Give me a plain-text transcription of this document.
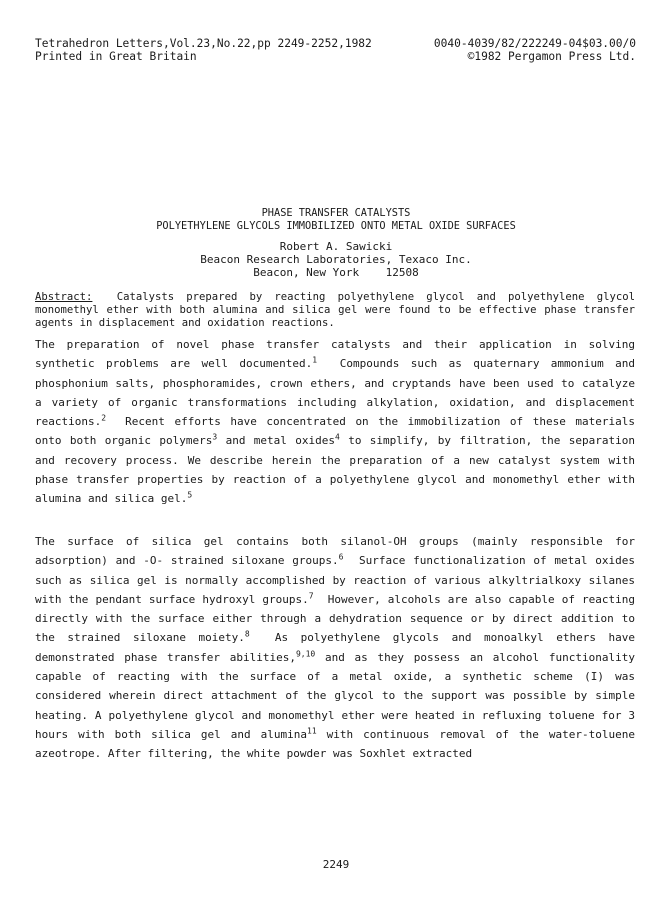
Tetrahedron Letters,Vol.23,No.22,pp 2249-2252,1982	0040-4039/82/222249-04$03.00/0
Printed in Great Britain	©1982 Pergamon Press Ltd.
PHASE TRANSFER CATALYSTS
POLYETHYLENE GLYCOLS IMMOBILIZED ONTO METAL OXIDE SURFACES
Robert A. Sawicki
Beacon Research Laboratories, Texaco Inc.
Beacon, New York    12508
Abstract: Catalysts prepared by reacting polyethylene glycol and polyethylene glycol monomethyl ether with both alumina and silica gel were found to be effective phase transfer agents in displacement and oxidation reactions.
The preparation of novel phase transfer catalysts and their application in solving synthetic problems are well documented.$^1$ Compounds such as quaternary ammonium and phosphonium salts, phosphoramides, crown ethers, and cryptands have been used to catalyze a variety of organic transformations including alkylation, oxidation, and displacement reactions.$^2$ Recent efforts have concentrated on the immobilization of these materials onto both organic polymers$^3$ and metal oxides$^4$ to simplify, by filtration, the separation and recovery process. We describe herein the preparation of a new catalyst system with phase transfer properties by reaction of a polyethylene glycol and monomethyl ether with alumina and silica gel.$^5$
The surface of silica gel contains both silanol-OH groups (mainly responsible for adsorption) and -O- strained siloxane groups.$^6$ Surface functionalization of metal oxides such as silica gel is normally accomplished by reaction of various alkyltrialkoxy silanes with the pendant surface hydroxyl groups.$^7$ However, alcohols are also capable of reacting directly with the surface either through a dehydration sequence or by direct addition to the strained siloxane moiety.$^8$ As polyethylene glycols and monoalkyl ethers have demonstrated phase transfer abilities,$^{9,10}$ and as they possess an alcohol functionality capable of reacting with the surface of a metal oxide, a synthetic scheme (I) was considered wherein direct attachment of the glycol to the support was possible by simple heating. A polyethylene glycol and monomethyl ether were heated in refluxing toluene for 3 hours with both silica gel and alumina$^{11}$ with continuous removal of the water-toluene azeotrope. After filtering, the white powder was Soxhlet extracted
2249
